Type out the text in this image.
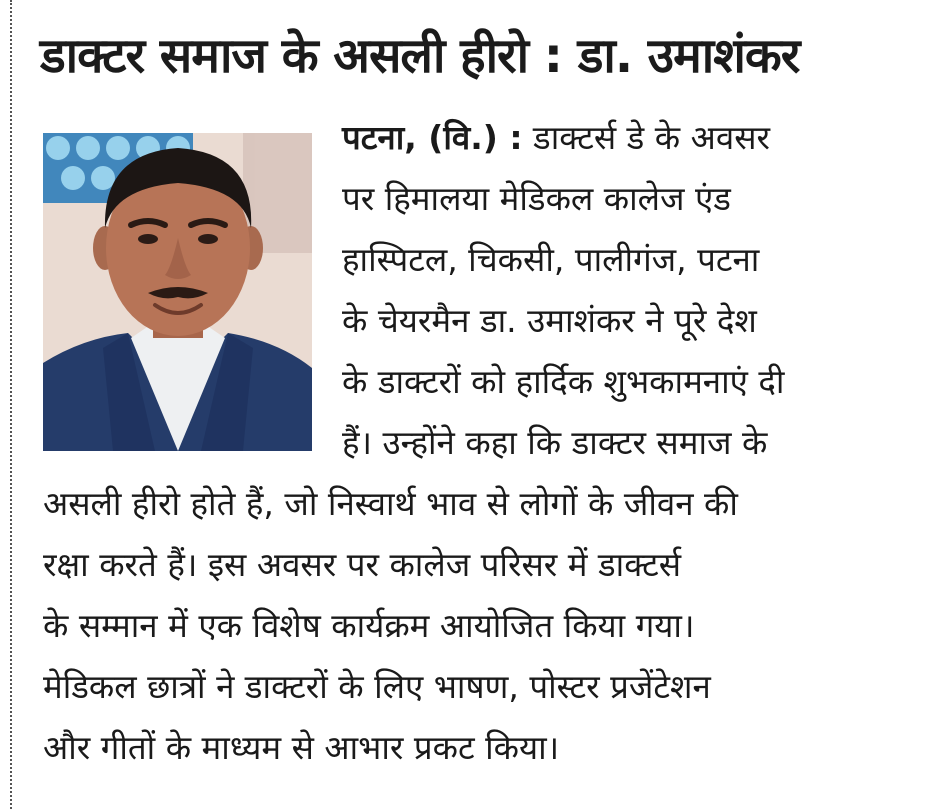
डाक्टर समाज के असली हीरो : डा. उमाशंकर
पटना, (वि.) : डाक्टर्स डे के अवसर
पर हिमालया मेडिकल कालेज एंड
हास्पिटल, चिकसी, पालीगंज, पटना
के चेयरमैन डा. उमाशंकर ने पूरे देश
के डाक्टरों को हार्दिक शुभकामनाएं दी
हैं। उन्होंने कहा कि डाक्टर समाज के
असली हीरो होते हैं, जो निस्वार्थ भाव से लोगों के जीवन की
रक्षा करते हैं। इस अवसर पर कालेज परिसर में डाक्टर्स
के सम्मान में एक विशेष कार्यक्रम आयोजित किया गया।
मेडिकल छात्रों ने डाक्टरों के लिए भाषण, पोस्टर प्रजेंटेशन
और गीतों के माध्यम से आभार प्रकट किया।
